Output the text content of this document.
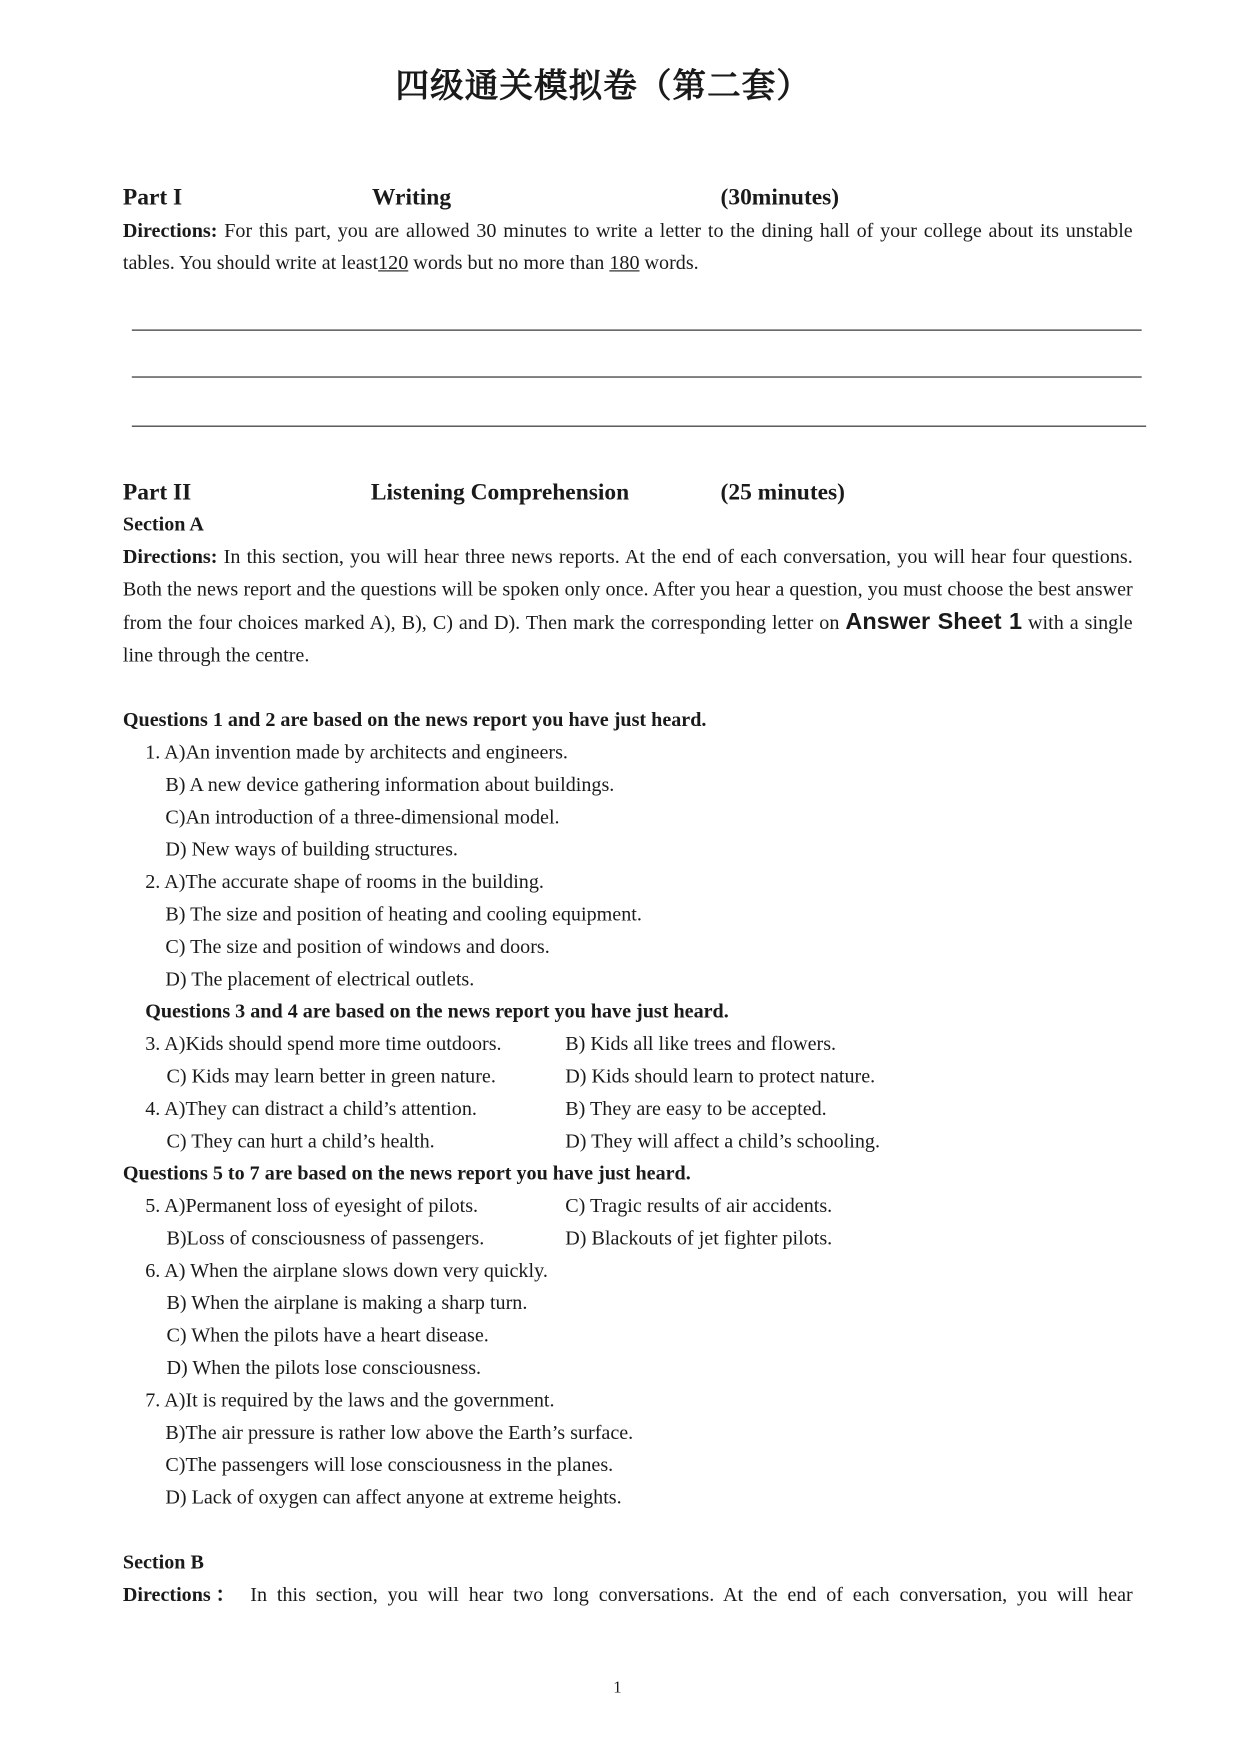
四级通关模拟卷（第二套）
Part I	Writing	(30minutes)
Directions: For this part, you are allowed 30 minutes to write a letter to the dining hall of your college about its unstable tables. You should write at least120 words but no more than 180 words.
Part II	Listening Comprehension	(25 minutes)
Section A
Directions: In this section, you will hear three news reports. At the end of each conversation, you will hear four questions. Both the news report and the questions will be spoken only once. After you hear a question, you must choose the best answer from the four choices marked A), B), C) and D). Then mark the corresponding letter on Answer Sheet 1 with a single line through the centre.
Questions 1 and 2 are based on the news report you have just heard.
1. A)An invention made by architects and engineers.
B) A new device gathering information about buildings.
C)An introduction of a three-dimensional model.
D) New ways of building structures.
2. A)The accurate shape of rooms in the building.
B) The size and position of heating and cooling equipment.
C) The size and position of windows and doors.
D) The placement of electrical outlets.
Questions 3 and 4 are based on the news report you have just heard.
3. A)Kids should spend more time outdoors.	B) Kids all like trees and flowers.
C) Kids may learn better in green nature.	D) Kids should learn to protect nature.
4. A)They can distract a child’s attention.	B) They are easy to be accepted.
C) They can hurt a child’s health.	D) They will affect a child’s schooling.
Questions 5 to 7 are based on the news report you have just heard.
5. A)Permanent loss of eyesight of pilots.	C) Tragic results of air accidents.
B)Loss of consciousness of passengers.	D) Blackouts of jet fighter pilots.
6. A) When the airplane slows down very quickly.
B) When the airplane is making a sharp turn.
C) When the pilots have a heart disease.
D) When the pilots lose consciousness.
7. A)It is required by the laws and the government.
B)The air pressure is rather low above the Earth’s surface.
C)The passengers will lose consciousness in the planes.
D) Lack of oxygen can affect anyone at extreme heights.
Section B
Directions： In this section, you will hear two long conversations. At the end of each conversation, you will hear
1
